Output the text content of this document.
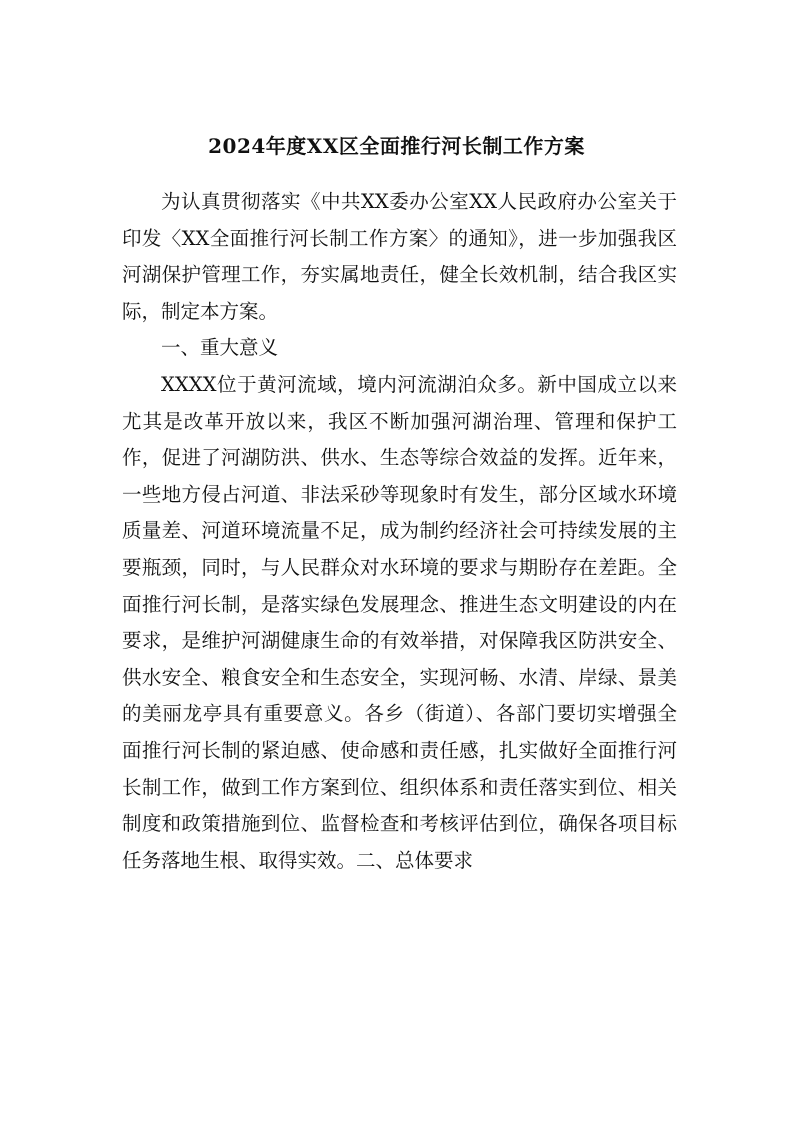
2024年度XX区全面推行河长制工作方案

为认真贯彻落实《中共XX委办公室XX人民政府办公室关于印发〈XX全面推行河长制工作方案〉的通知》，进一步加强我区河湖保护管理工作，夯实属地责任，健全长效机制，结合我区实际，制定本方案。

一、重大意义

XXXX位于黄河流域，境内河流湖泊众多。新中国成立以来尤其是改革开放以来，我区不断加强河湖治理、管理和保护工作，促进了河湖防洪、供水、生态等综合效益的发挥。近年来，一些地方侵占河道、非法采砂等现象时有发生，部分区域水环境质量差、河道环境流量不足，成为制约经济社会可持续发展的主要瓶颈，同时，与人民群众对水环境的要求与期盼存在差距。全面推行河长制，是落实绿色发展理念、推进生态文明建设的内在要求，是维护河湖健康生命的有效举措，对保障我区防洪安全、供水安全、粮食安全和生态安全，实现河畅、水清、岸绿、景美的美丽龙亭具有重要意义。各乡（街道）、各部门要切实增强全面推行河长制的紧迫感、使命感和责任感，扎实做好全面推行河长制工作，做到工作方案到位、组织体系和责任落实到位、相关制度和政策措施到位、监督检查和考核评估到位，确保各项目标任务落地生根、取得实效。二、总体要求
